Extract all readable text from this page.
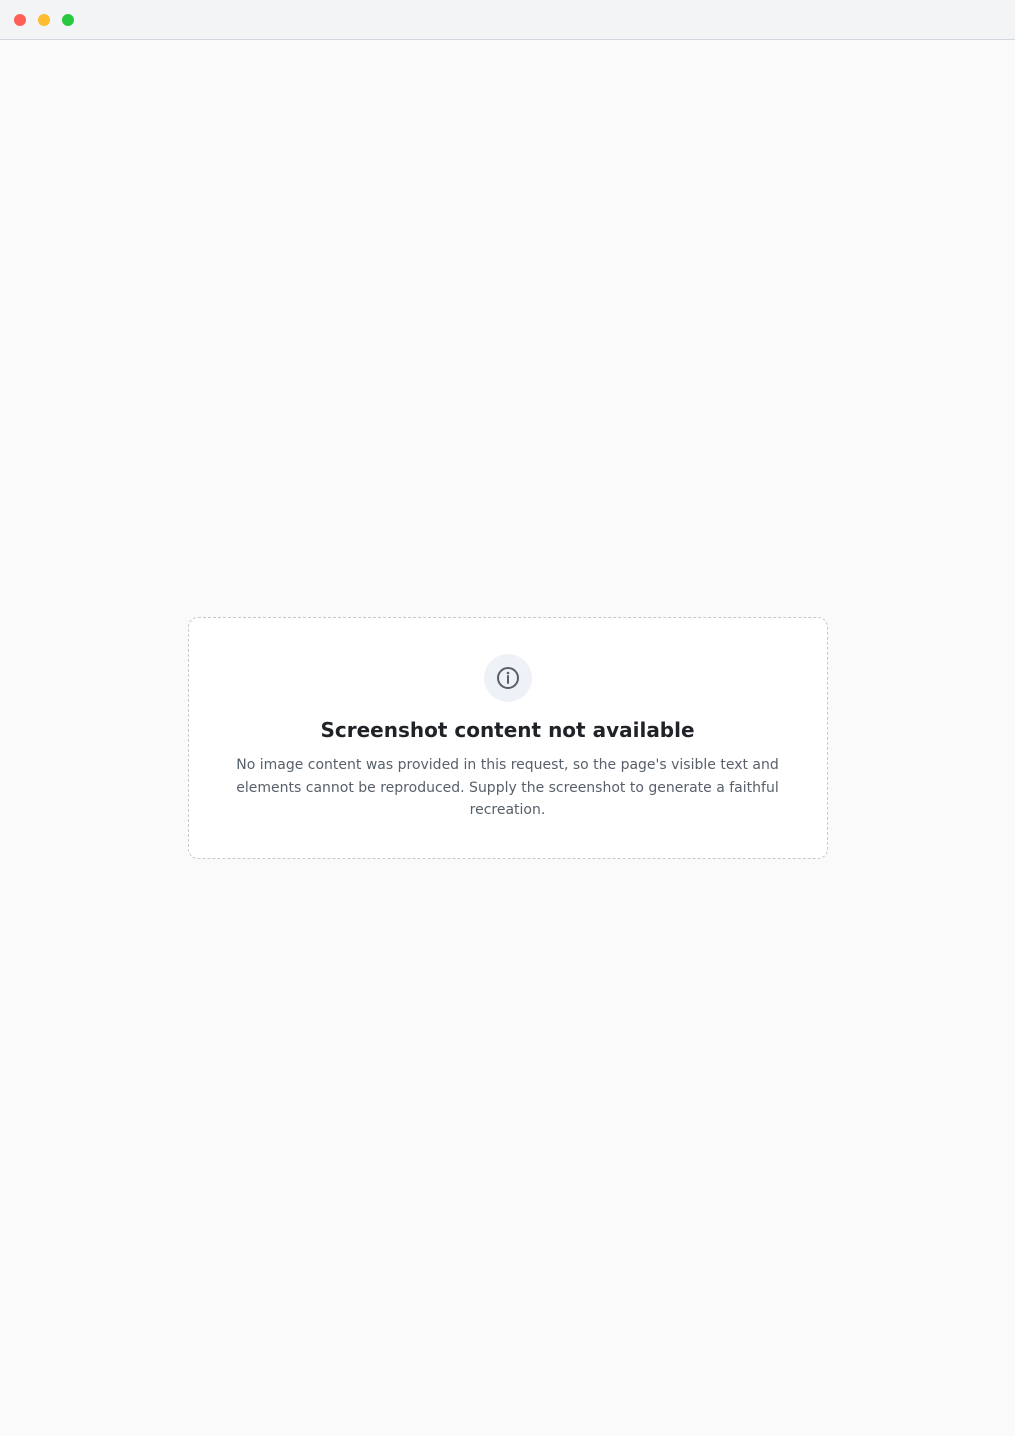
Screenshot content not available

No image content was provided in this request, so the page's visible text and elements cannot be reproduced. Supply the screenshot to generate a faithful recreation.
